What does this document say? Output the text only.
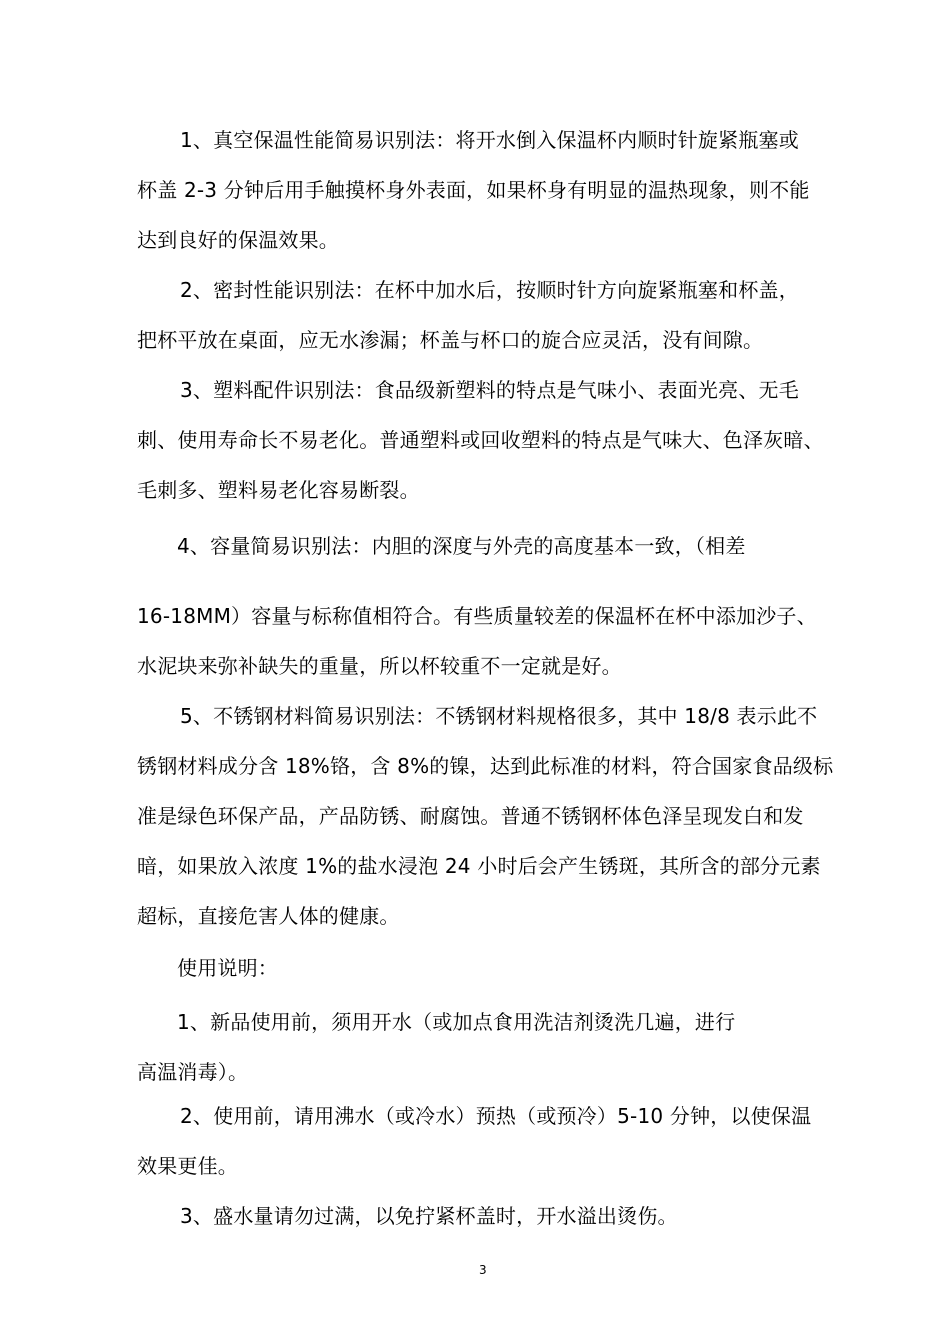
1、真空保温性能简易识别法：将开水倒入保温杯内顺时针旋紧瓶塞或
杯盖 2-3 分钟后用手触摸杯身外表面，如果杯身有明显的温热现象，则不能
达到良好的保温效果。
2、密封性能识别法：在杯中加水后，按顺时针方向旋紧瓶塞和杯盖，
把杯平放在桌面，应无水渗漏；杯盖与杯口的旋合应灵活，没有间隙。
3、塑料配件识别法：食品级新塑料的特点是气味小、表面光亮、无毛
刺、使用寿命长不易老化。普通塑料或回收塑料的特点是气味大、色泽灰暗、
毛刺多、塑料易老化容易断裂。
4、容量简易识别法：内胆的深度与外壳的高度基本一致，（相差
16-18MM）容量与标称值相符合。有些质量较差的保温杯在杯中添加沙子、
水泥块来弥补缺失的重量，所以杯较重不一定就是好。
5、不锈钢材料简易识别法：不锈钢材料规格很多，其中 18/8 表示此不
锈钢材料成分含 18%铬，含 8%的镍，达到此标准的材料，符合国家食品级标
准是绿色环保产品，产品防锈、耐腐蚀。普通不锈钢杯体色泽呈现发白和发
暗，如果放入浓度 1%的盐水浸泡 24 小时后会产生锈斑，其所含的部分元素
超标，直接危害人体的健康。
使用说明：
1、新品使用前，须用开水（或加点食用洗洁剂烫洗几遍，进行
高温消毒）。
2、使用前，请用沸水（或冷水）预热（或预冷）5-10 分钟，以使保温
效果更佳。
3、盛水量请勿过满，以免拧紧杯盖时，开水溢出烫伤。
3
